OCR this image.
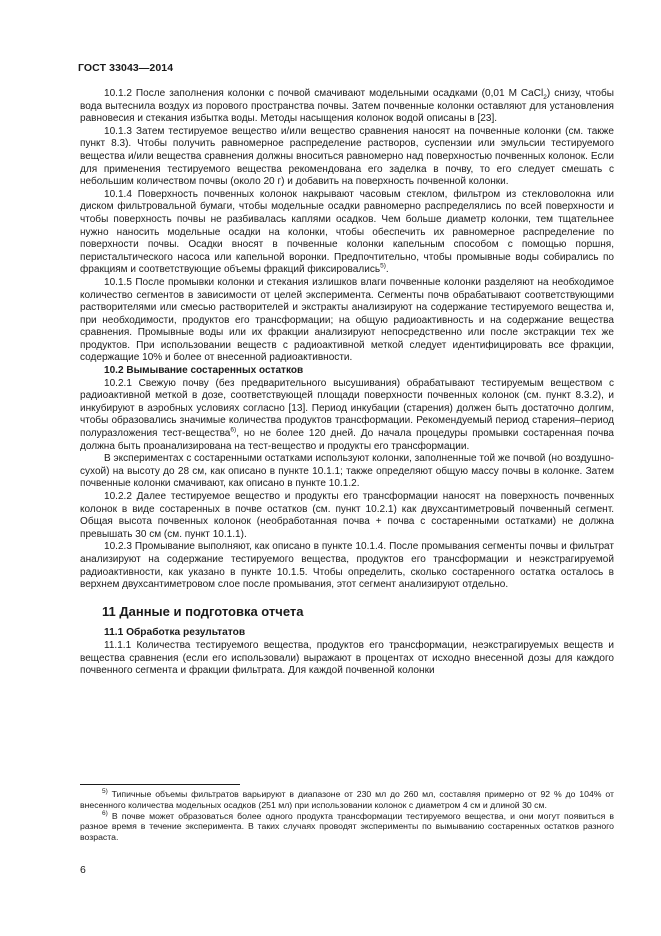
ГОСТ 33043—2014

10.1.2 После заполнения колонки с почвой смачивают модельными осадками (0,01 M CaCl$_2$) снизу, чтобы вода вытеснила воздух из порового пространства почвы. Затем почвенные колонки оставляют для установления равновесия и стекания избытка воды. Методы насыщения колонок водой описаны в [23].

10.1.3 Затем тестируемое вещество и/или вещество сравнения наносят на почвенные колонки (см. также пункт 8.3). Чтобы получить равномерное распределение растворов, суспензии или эмульсии тестируемого вещества и/или вещества сравнения должны вноситься равномерно над поверхностью почвенных колонок. Если для применения тестируемого вещества рекомендована его заделка в почву, то его следует смешать с небольшим количеством почвы (около 20 г) и добавить на поверхность почвенной колонки.

10.1.4 Поверхность почвенных колонок накрывают часовым стеклом, фильтром из стекловолокна или диском фильтровальной бумаги, чтобы модельные осадки равномерно распределялись по всей поверхности и чтобы поверхность почвы не разбивалась каплями осадков. Чем больше диаметр колонки, тем тщательнее нужно наносить модельные осадки на колонки, чтобы обеспечить их равномерное распределение по поверхности почвы. Осадки вносят в почвенные колонки капельным способом с помощью поршня, перистальтического насоса или капельной воронки. Предпочтительно, чтобы промывные воды собирались по фракциям и соответствующие объемы фракций фиксировались$^{5)}$.

10.1.5 После промывки колонки и стекания излишков влаги почвенные колонки разделяют на необходимое количество сегментов в зависимости от целей эксперимента. Сегменты почв обрабатывают соответствующими растворителями или смесью растворителей и экстракты анализируют на содержание тестируемого вещества и, при необходимости, продуктов его трансформации; на общую радиоактивность и на содержание вещества сравнения. Промывные воды или их фракции анализируют непосредственно или после экстракции тех же продуктов. При использовании веществ с радиоактивной меткой следует идентифицировать все фракции, содержащие 10% и более от внесенной радиоактивности.

10.2 Вымывание состаренных остатков

10.2.1 Свежую почву (без предварительного высушивания) обрабатывают тестируемым веществом с радиоактивной меткой в дозе, соответствующей площади поверхности почвенных колонок (см. пункт 8.3.2), и инкубируют в аэробных условиях согласно [13]. Период инкубации (старения) должен быть достаточно долгим, чтобы образовались значимые количества продуктов трансформации. Рекомендуемый период старения–период полуразложения тест-вещества$^{6)}$, но не более 120 дней. До начала процедуры промывки состаренная почва должна быть проанализирована на тест-вещество и продукты его трансформации.

В экспериментах с состаренными остатками используют колонки, заполненные той же почвой (но воздушно-сухой) на высоту до 28 см, как описано в пункте 10.1.1; также определяют общую массу почвы в колонке. Затем почвенные колонки смачивают, как описано в пункте 10.1.2.

10.2.2 Далее тестируемое вещество и продукты его трансформации наносят на поверхность почвенных колонок в виде состаренных в почве остатков (см. пункт 10.2.1) как двухсантиметровый почвенный сегмент. Общая высота почвенных колонок (необработанная почва + почва с состаренными остатками) не должна превышать 30 см (см. пункт 10.1.1).

10.2.3 Промывание выполняют, как описано в пункте 10.1.4. После промывания сегменты почвы и фильтрат анализируют на содержание тестируемого вещества, продуктов его трансформации и неэкстрагируемой радиоактивности, как указано в пункте 10.1.5. Чтобы определить, сколько состаренного остатка осталось в верхнем двухсантиметровом слое после промывания, этот сегмент анализируют отдельно.

11 Данные и подготовка отчета
11.1 Обработка результатов

11.1.1 Количества тестируемого вещества, продуктов его трансформации, неэкстрагируемых веществ и вещества сравнения (если его использовали) выражают в процентах от исходно внесенной дозы для каждого почвенного сегмента и фракции фильтрата. Для каждой почвенной колонки

$^{5)}$ Типичные объемы фильтратов варьируют в диапазоне от 230 мл до 260 мл, составляя примерно от 92 % до 104% от внесенного количества модельных осадков (251 мл) при использовании колонок с диаметром 4 см и длиной 30 см.

$^{6)}$ В почве может образоваться более одного продукта трансформации тестируемого вещества, и они могут появиться в разное время в течение эксперимента. В таких случаях проводят эксперименты по вымыванию состаренных остатков разного возраста.

6
